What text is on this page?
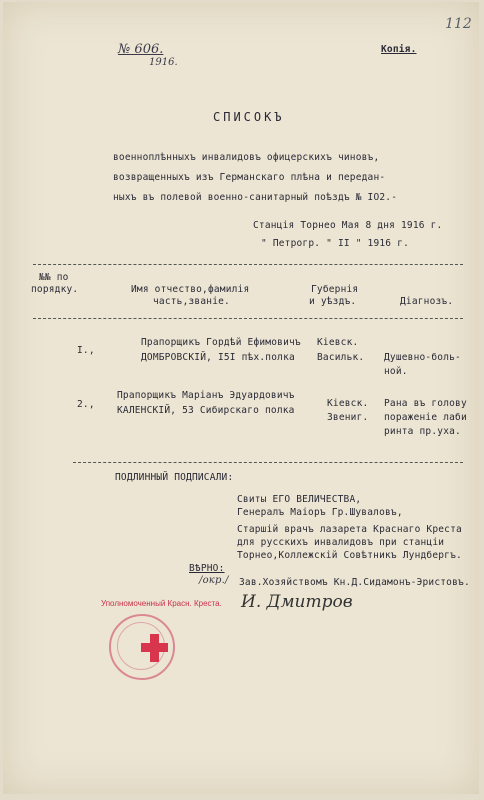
№ 606.
1916.
112
Копія.
СПИСОКЪ
военноплѣнныхъ инвалидовъ офицерскихъ чиновъ,
возвращенныхъ изъ Германскаго плѣна и передан-
ныхъ въ полевой военно-санитарный поѣздъ № IO2.-
Станція Торнео Мая 8 дня 1916 г.
" Петрогр. " II " 1916 г.
№№ по
порядку.	Имя отчество,фамилія
часть,званіе.
Губернія
и уѣздъ.	Діагнозъ.
I.,
Прапорщикъ Гордѣй Ефимовичъ
ДОМБРОВСКІЙ, I5I пѣх.полка
Кіевск.
Васильк. Душевно-боль-
ной.
2.,
Прапорщикъ Маріанъ Эдуардовичъ
КАЛЕНСКІЙ, 53 Сибирскаго полка
Кіевск.
Звениг.
Рана въ голову
пораженіе лаби
ринта пр.уха.
ПОДЛИННЫЙ ПОДПИСАЛИ:
Свиты ЕГО ВЕЛИЧЕСТВА,
Генералъ Маіоръ Гр.Шуваловъ,
Старшій врачъ лазарета Краснаго Креста
для русскихъ инвалидовъ при станціи
Торнео,Коллежскій Совѣтникъ Лундбергъ.
ВѢРНО:
/окр./ Зав.Хозяйствомъ Кн.Д.Сидамонъ-Эристовъ.
Уполномоченный Красн. Креста. И. Дмитров
